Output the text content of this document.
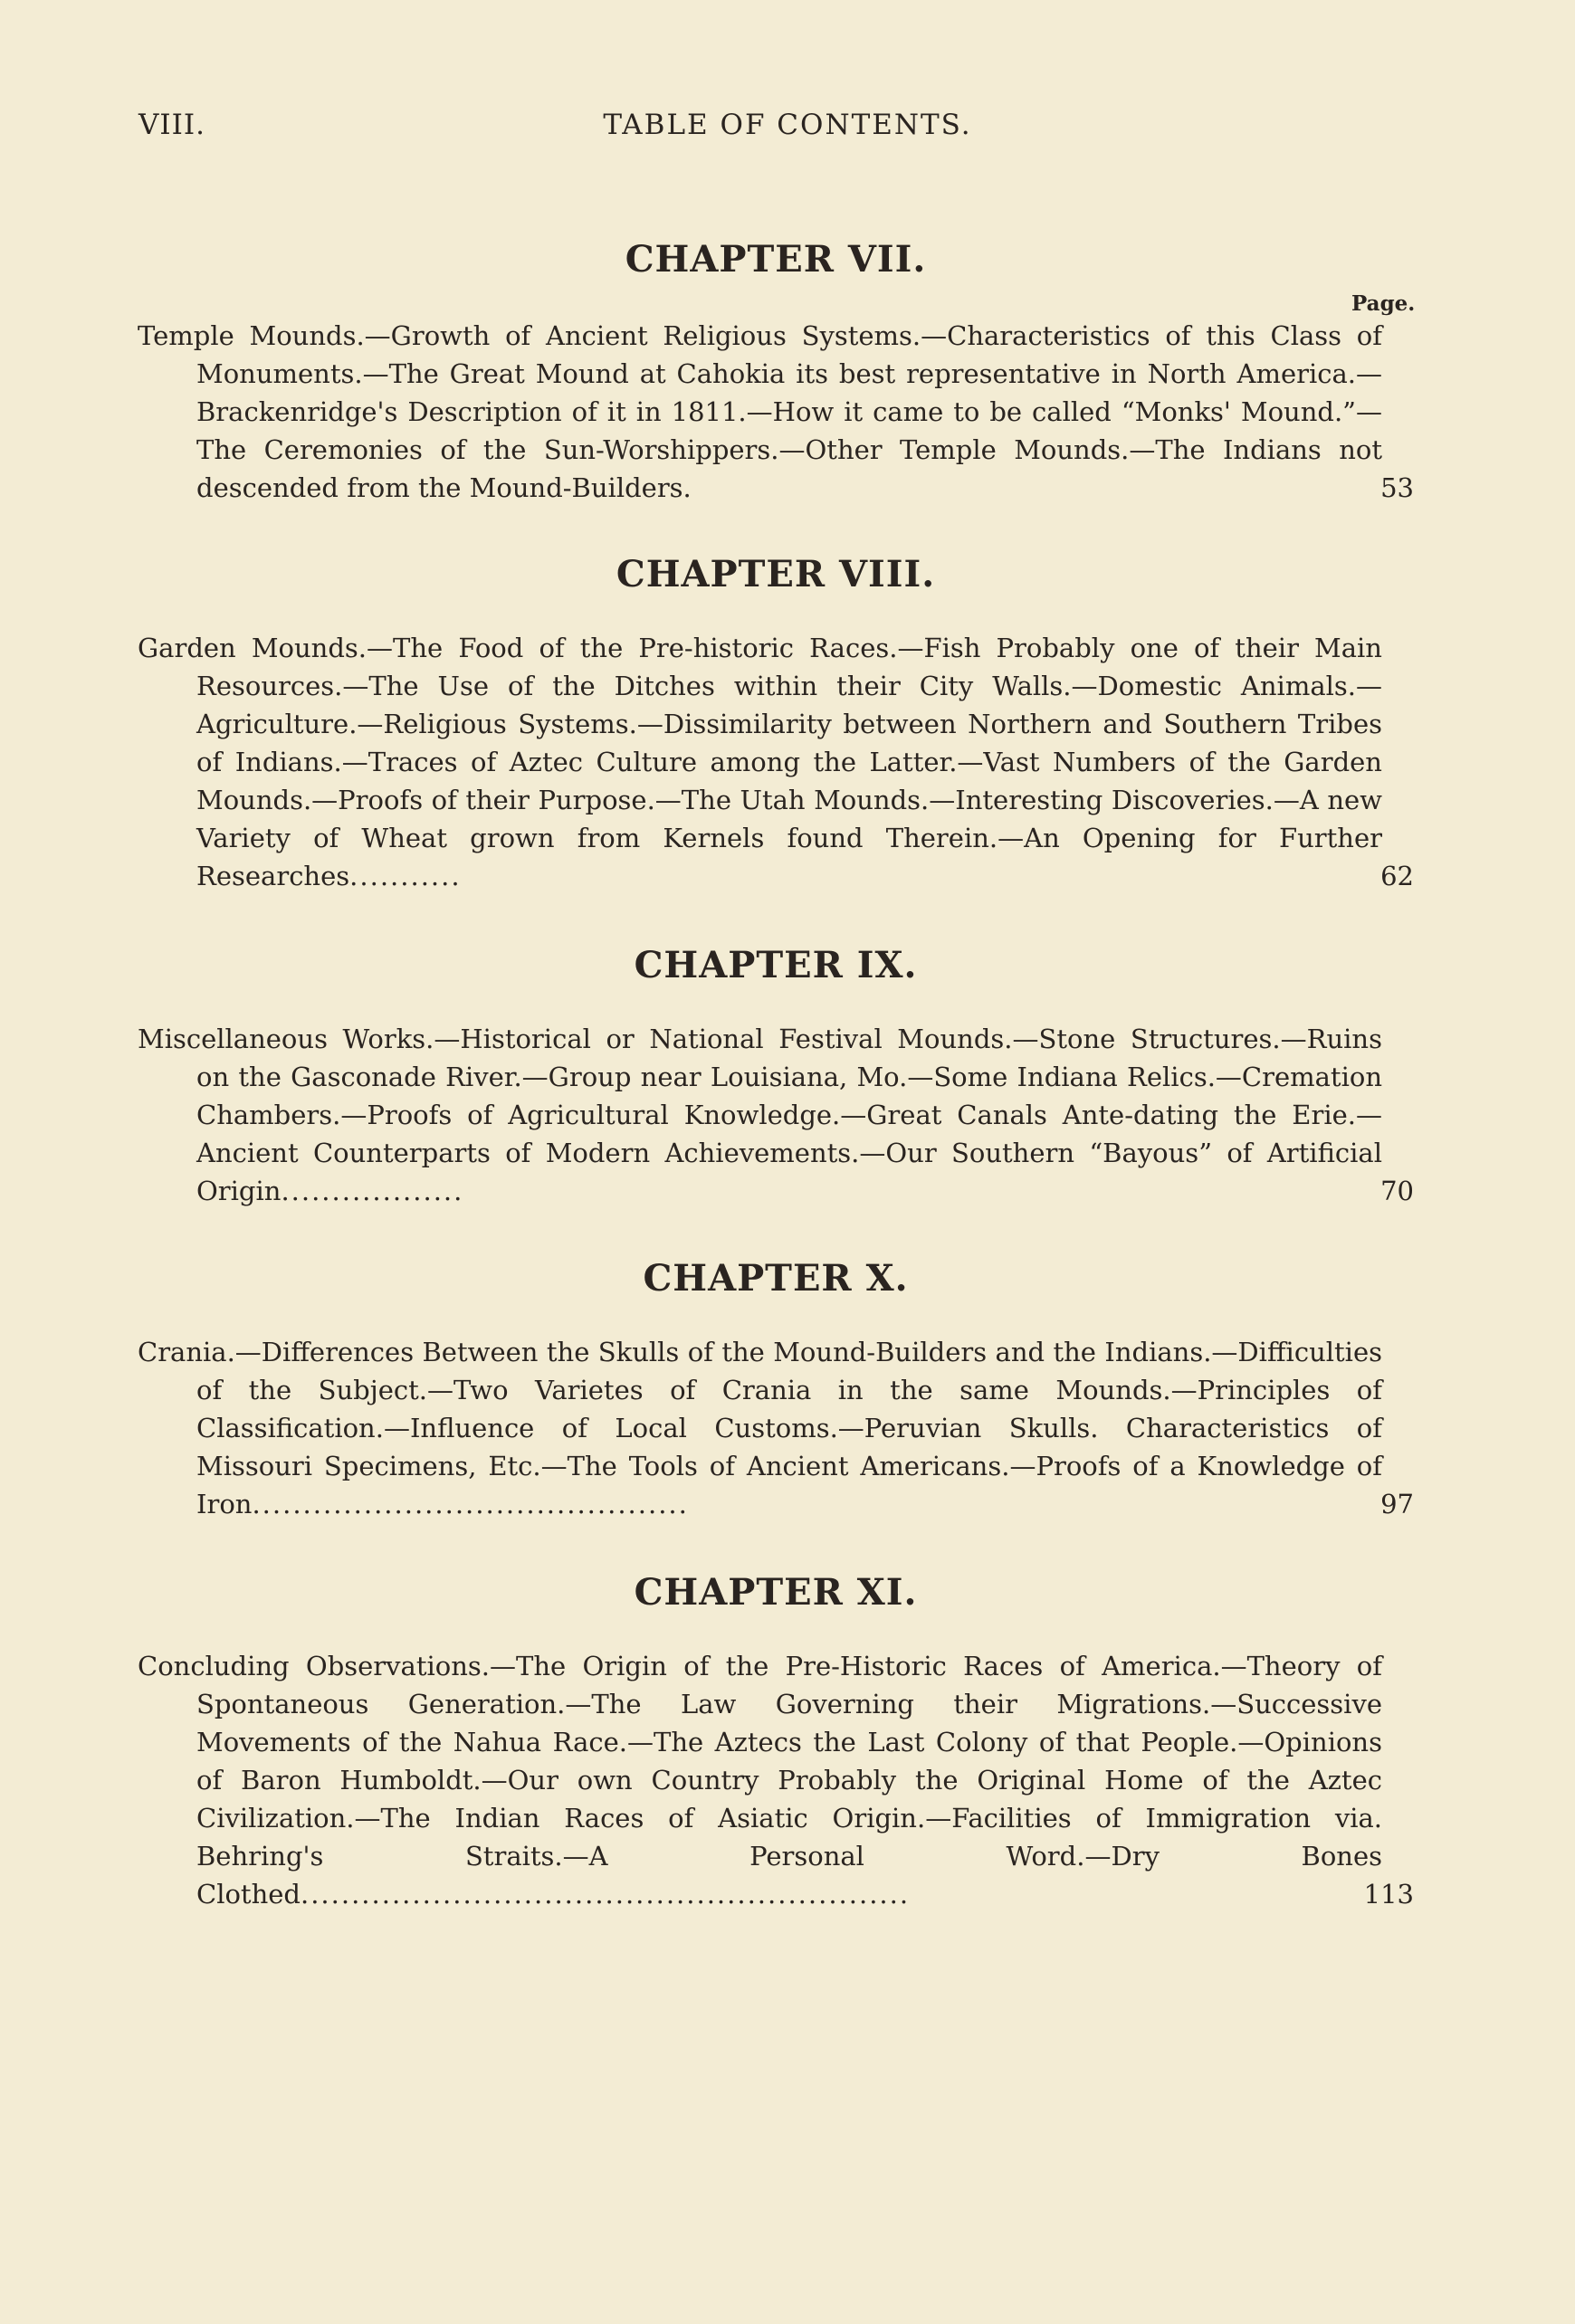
VIII.	TABLE OF CONTENTS.
Page.
CHAPTER VII.

Temple Mounds.—Growth of Ancient Religious Systems.—Characteristics of this Class of Monuments.—The Great Mound at Cahokia its best representative in North America.—Brackenridge's Description of it in 1811.—How it came to be called “Monks' Mound.”—The Ceremonies of the Sun-Worshippers.—Other Temple Mounds.—The Indians not descended from the Mound-Builders.	53
CHAPTER VIII.

Garden Mounds.—The Food of the Pre-historic Races.—Fish Probably one of their Main Resources.—The Use of the Ditches within their City Walls.—Domestic Animals.—Agriculture.—Religious Systems.—Dissimilarity between Northern and Southern Tribes of Indians.—Traces of Aztec Culture among the Latter.—Vast Numbers of the Garden Mounds.—Proofs of their Purpose.—The Utah Mounds.—Interesting Discoveries.—A new Variety of Wheat grown from Kernels found Therein.—An Opening for Further Researches...........	62
CHAPTER IX.

Miscellaneous Works.—Historical or National Festival Mounds.—Stone Structures.—Ruins on the Gasconade River.—Group near Louisiana, Mo.—Some Indiana Relics.—Cremation Chambers.—Proofs of Agricultural Knowledge.—Great Canals Ante-dating the Erie.—Ancient Counterparts of Modern Achievements.—Our Southern “Bayous” of Artificial Origin..................	70
CHAPTER X.

Crania.—Differences Between the Skulls of the Mound-Builders and the Indians.—Difficulties of the Subject.—Two Varietes of Crania in the same Mounds.—Principles of Classification.—Influence of Local Customs.—Peruvian Skulls. Characteristics of Missouri Specimens, Etc.—The Tools of Ancient Americans.—Proofs of a Knowledge of Iron...........................................	97
CHAPTER XI.

Concluding Observations.—The Origin of the Pre-Historic Races of America.—Theory of Spontaneous Generation.—The Law Governing their Migrations.—Successive Movements of the Nahua Race.—The Aztecs the Last Colony of that People.—Opinions of Baron Humboldt.—Our own Country Probably the Original Home of the Aztec Civilization.—The Indian Races of Asiatic Origin.—Facilities of Immigration via. Behring's Straits.—A Personal Word.—Dry Bones Clothed............................................................	113
